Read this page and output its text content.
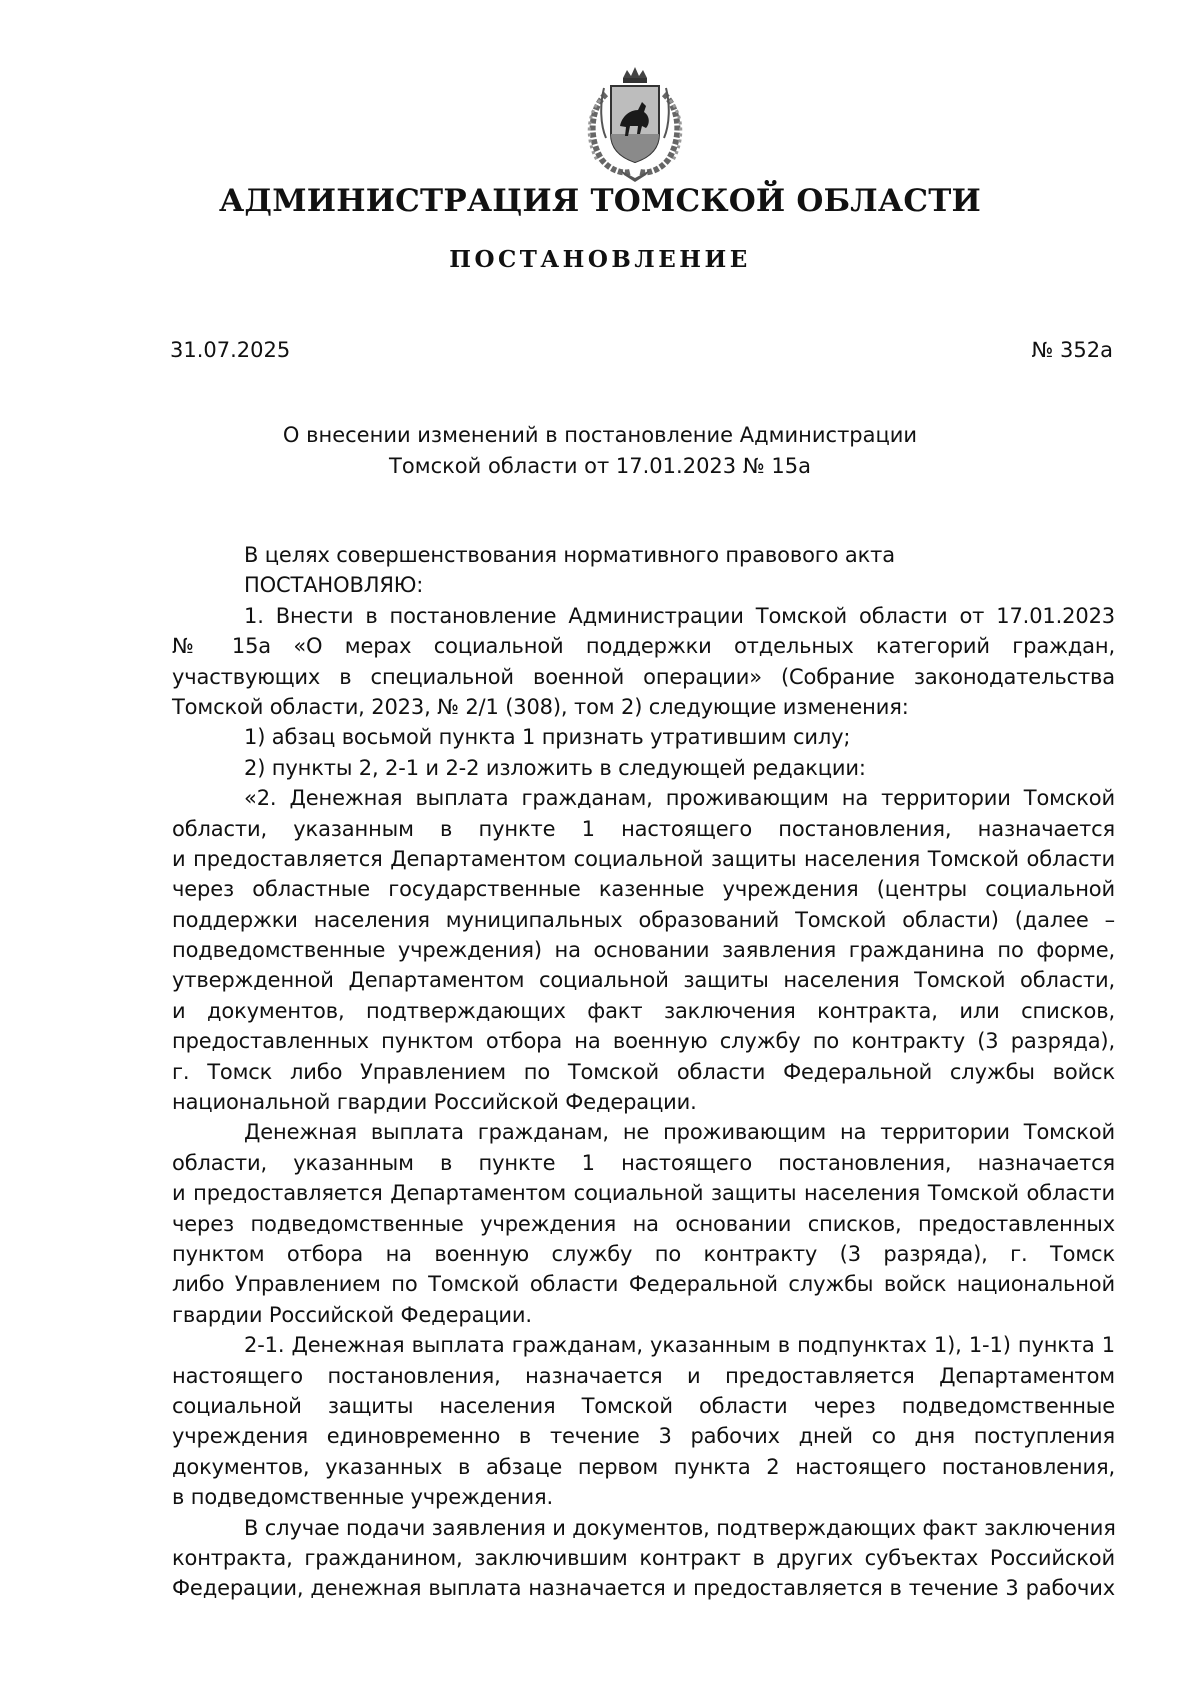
АДМИНИСТРАЦИЯ ТОМСКОЙ ОБЛАСТИ
ПОСТАНОВЛЕНИЕ
31.07.2025	№ 352а
О внесении изменений в постановление Администрации
Томской области от 17.01.2023 № 15а
В целях совершенствования нормативного правового акта
ПОСТАНОВЛЯЮ:
1. Внести в постановление Администрации Томской области от 17.01.2023
№ 15а «О мерах социальной поддержки отдельных категорий граждан,
участвующих в специальной военной операции» (Собрание законодательства
Томской области, 2023, № 2/1 (308), том 2) следующие изменения:
1) абзац восьмой пункта 1 признать утратившим силу;
2) пункты 2, 2-1 и 2-2 изложить в следующей редакции:
«2. Денежная выплата гражданам, проживающим на территории Томской
области, указанным в пункте 1 настоящего постановления, назначается
и предоставляется Департаментом социальной защиты населения Томской области
через областные государственные казенные учреждения (центры социальной
поддержки населения муниципальных образований Томской области) (далее –
подведомственные учреждения) на основании заявления гражданина по форме,
утвержденной Департаментом социальной защиты населения Томской области,
и документов, подтверждающих факт заключения контракта, или списков,
предоставленных пунктом отбора на военную службу по контракту (3 разряда),
г. Томск либо Управлением по Томской области Федеральной службы войск
национальной гвардии Российской Федерации.
Денежная выплата гражданам, не проживающим на территории Томской
области, указанным в пункте 1 настоящего постановления, назначается
и предоставляется Департаментом социальной защиты населения Томской области
через подведомственные учреждения на основании списков, предоставленных
пунктом отбора на военную службу по контракту (3 разряда), г. Томск
либо Управлением по Томской области Федеральной службы войск национальной
гвардии Российской Федерации.
2-1. Денежная выплата гражданам, указанным в подпунктах 1), 1-1) пункта 1
настоящего постановления, назначается и предоставляется Департаментом
социальной защиты населения Томской области через подведомственные
учреждения единовременно в течение 3 рабочих дней со дня поступления
документов, указанных в абзаце первом пункта 2 настоящего постановления,
в подведомственные учреждения.
В случае подачи заявления и документов, подтверждающих факт заключения
контракта, гражданином, заключившим контракт в других субъектах Российской
Федерации, денежная выплата назначается и предоставляется в течение 3 рабочих
